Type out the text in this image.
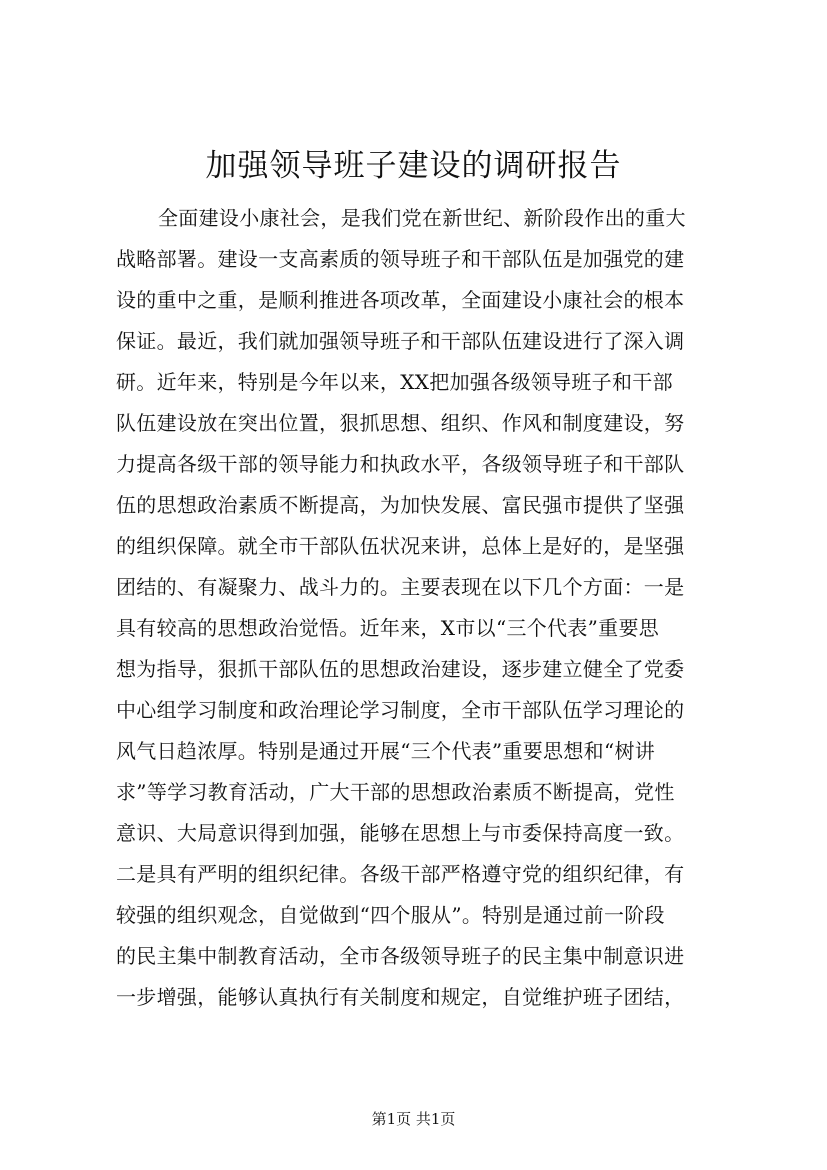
加强领导班子建设的调研报告
全面建设小康社会，是我们党在新世纪、新阶段作出的重大
战略部署。建设一支高素质的领导班子和干部队伍是加强党的建
设的重中之重，是顺利推进各项改革，全面建设小康社会的根本
保证。最近，我们就加强领导班子和干部队伍建设进行了深入调
研。近年来，特别是今年以来，XX把加强各级领导班子和干部
队伍建设放在突出位置，狠抓思想、组织、作风和制度建设，努
力提高各级干部的领导能力和执政水平，各级领导班子和干部队
伍的思想政治素质不断提高，为加快发展、富民强市提供了坚强
的组织保障。就全市干部队伍状况来讲，总体上是好的，是坚强
团结的、有凝聚力、战斗力的。主要表现在以下几个方面：一是
具有较高的思想政治觉悟。近年来，X市以“三个代表”重要思
想为指导，狠抓干部队伍的思想政治建设，逐步建立健全了党委
中心组学习制度和政治理论学习制度，全市干部队伍学习理论的
风气日趋浓厚。特别是通过开展“三个代表”重要思想和“树讲
求”等学习教育活动，广大干部的思想政治素质不断提高，党性
意识、大局意识得到加强，能够在思想上与市委保持高度一致。
二是具有严明的组织纪律。各级干部严格遵守党的组织纪律，有
较强的组织观念，自觉做到“四个服从”。特别是通过前一阶段
的民主集中制教育活动，全市各级领导班子的民主集中制意识进
一步增强，能够认真执行有关制度和规定，自觉维护班子团结，
第1页 共1页
